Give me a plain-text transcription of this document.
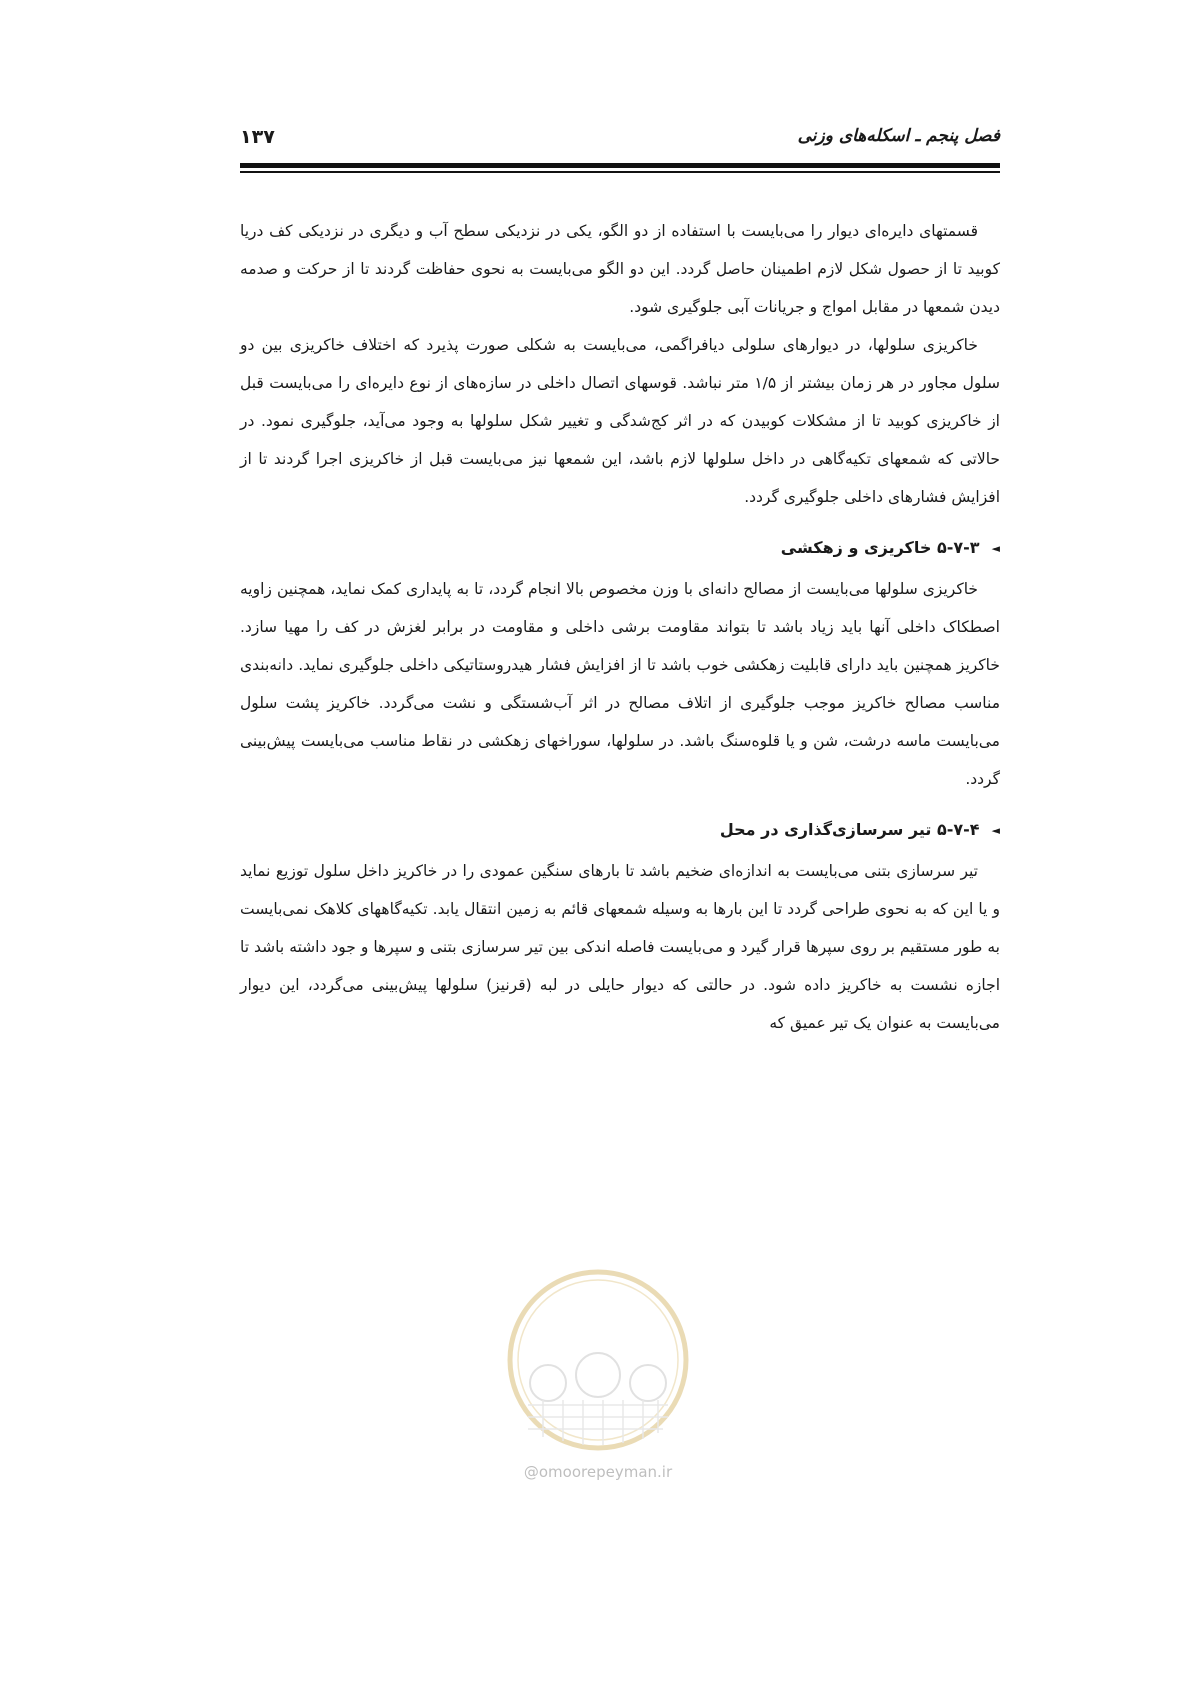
فصل پنجم ـ اسکله‌های وزنی
۱۳۷

قسمتهای دایره‌ای دیوار را می‌بایست با استفاده از دو الگو، یکی در نزدیکی سطح آب و دیگری در نزدیکی کف دریا کوبید تا از حصول شکل لازم اطمینان حاصل گردد. این دو الگو می‌بایست به نحوی حفاظت گردند تا از حرکت و صدمه دیدن شمعها در مقابل امواج و جریانات آبی جلوگیری شود.

خاکریزی سلولها، در دیوارهای سلولی دیافراگمی، می‌بایست به شکلی صورت پذیرد که اختلاف خاکریزی بین دو سلول مجاور در هر زمان بیشتر از ۱/۵ متر نباشد. قوسهای اتصال داخلی در سازه‌های از نوع دایره‌ای را می‌بایست قبل از خاکریزی کوبید تا از مشکلات کوبیدن که در اثر کج‌شدگی و تغییر شکل سلولها به وجود می‌آید، جلوگیری نمود. در حالاتی که شمعهای تکیه‌گاهی در داخل سلولها لازم باشد، این شمعها نیز می‌بایست قبل از خاکریزی اجرا گردند تا از افزایش فشارهای داخلی جلوگیری گردد.

◄
۵-۷-۳ خاکریزی و زهکشی

خاکریزی سلولها می‌بایست از مصالح دانه‌ای با وزن مخصوص بالا انجام گردد، تا به پایداری کمک نماید، همچنین زاویه اصطکاک داخلی آنها باید زیاد باشد تا بتواند مقاومت برشی داخلی و مقاومت در برابر لغزش در کف را مهیا سازد. خاکریز همچنین باید دارای قابلیت زهکشی خوب باشد تا از افزایش فشار هیدروستاتیکی داخلی جلوگیری نماید. دانه‌بندی مناسب مصالح خاکریز موجب جلوگیری از اتلاف مصالح در اثر آب‌شستگی و نشت می‌گردد. خاکریز پشت سلول می‌بایست ماسه درشت، شن و یا قلوه‌سنگ باشد. در سلولها، سوراخهای زهکشی در نقاط مناسب می‌بایست پیش‌بینی گردد.

◄
۵-۷-۴ تیر سرسازی‌گذاری در محل

تیر سرسازی بتنی می‌بایست به اندازه‌ای ضخیم باشد تا بارهای سنگین عمودی را در خاکریز داخل سلول توزیع نماید و یا این که به نحوی طراحی گردد تا این بارها به وسیله شمعهای قائم به زمین انتقال یابد. تکیه‌گاههای کلاهک نمی‌بایست به طور مستقیم بر روی سپرها قرار گیرد و می‌بایست فاصله اندکی بین تیر سرسازی بتنی و سپرها و جود داشته باشد تا اجازه نشست به خاکریز داده شود. در حالتی که دیوار حایلی در لبه (قرنیز) سلولها پیش‌بینی می‌گردد، این دیوار می‌بایست به عنوان یک تیر عمیق که

@omoorepeyman.ir
